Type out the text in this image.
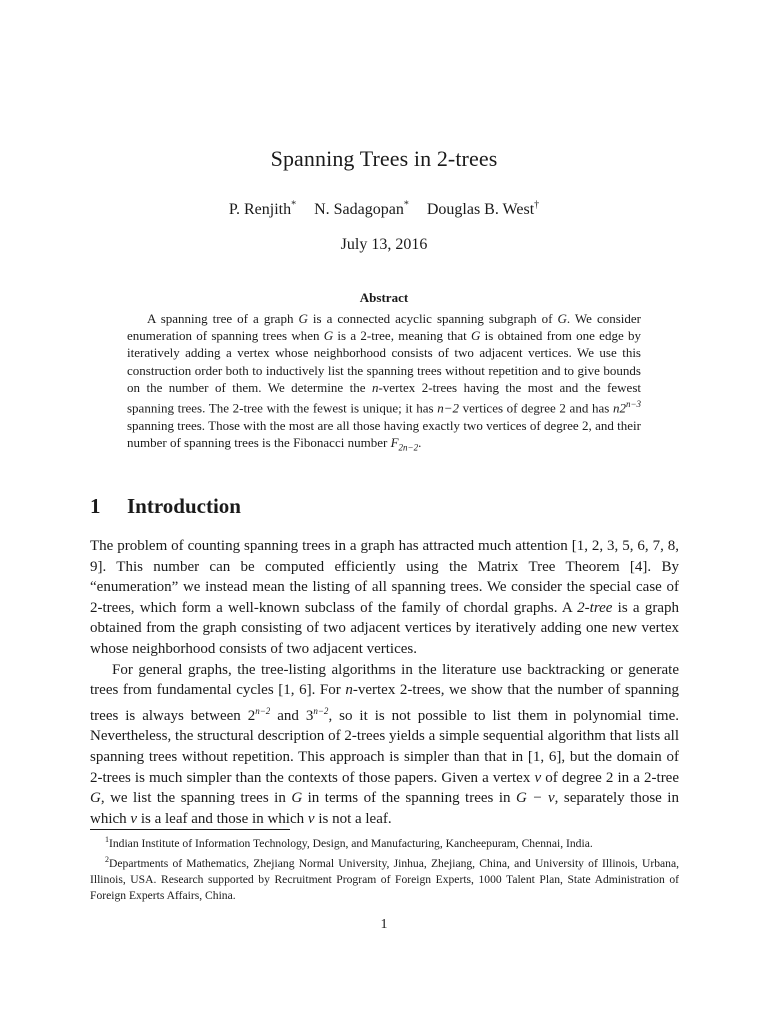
Spanning Trees in 2-trees
P. Renjith* N. Sadagopan* Douglas B. West†
July 13, 2016
Abstract

A spanning tree of a graph G is a connected acyclic spanning subgraph of G. We consider enumeration of spanning trees when G is a 2-tree, meaning that G is obtained from one edge by iteratively adding a vertex whose neighborhood consists of two adjacent vertices. We use this construction order both to inductively list the spanning trees without repetition and to give bounds on the number of them. We determine the n-vertex 2-trees having the most and the fewest spanning trees. The 2-tree with the fewest is unique; it has n−2 vertices of degree 2 and has $n2^{n-3}$ spanning trees. Those with the most are all those having exactly two vertices of degree 2, and their number of spanning trees is the Fibonacci number $F_{2n-2}$.

1 Introduction

The problem of counting spanning trees in a graph has attracted much attention [1, 2, 3, 5, 6, 7, 8, 9]. This number can be computed efficiently using the Matrix Tree Theorem [4]. By “enumeration” we instead mean the listing of all spanning trees. We consider the special case of 2-trees, which form a well-known subclass of the family of chordal graphs. A 2-tree is a graph obtained from the graph consisting of two adjacent vertices by iteratively adding one new vertex whose neighborhood consists of two adjacent vertices.

For general graphs, the tree-listing algorithms in the literature use backtracking or generate trees from fundamental cycles [1, 6]. For n-vertex 2-trees, we show that the number of spanning trees is always between $2^{n-2}$ and $3^{n-2}$, so it is not possible to list them in polynomial time. Nevertheless, the structural description of 2-trees yields a simple sequential algorithm that lists all spanning trees without repetition. This approach is simpler than that in [1, 6], but the domain of 2-trees is much simpler than the contexts of those papers. Given a vertex v of degree 2 in a 2-tree G, we list the spanning trees in G in terms of the spanning trees in G − v, separately those in which v is a leaf and those in which v is not a leaf.

$^1$Indian Institute of Information Technology, Design, and Manufacturing, Kancheepuram, Chennai, India.

$^2$Departments of Mathematics, Zhejiang Normal University, Jinhua, Zhejiang, China, and University of Illinois, Urbana, Illinois, USA. Research supported by Recruitment Program of Foreign Experts, 1000 Talent Plan, State Administration of Foreign Experts Affairs, China.

1
